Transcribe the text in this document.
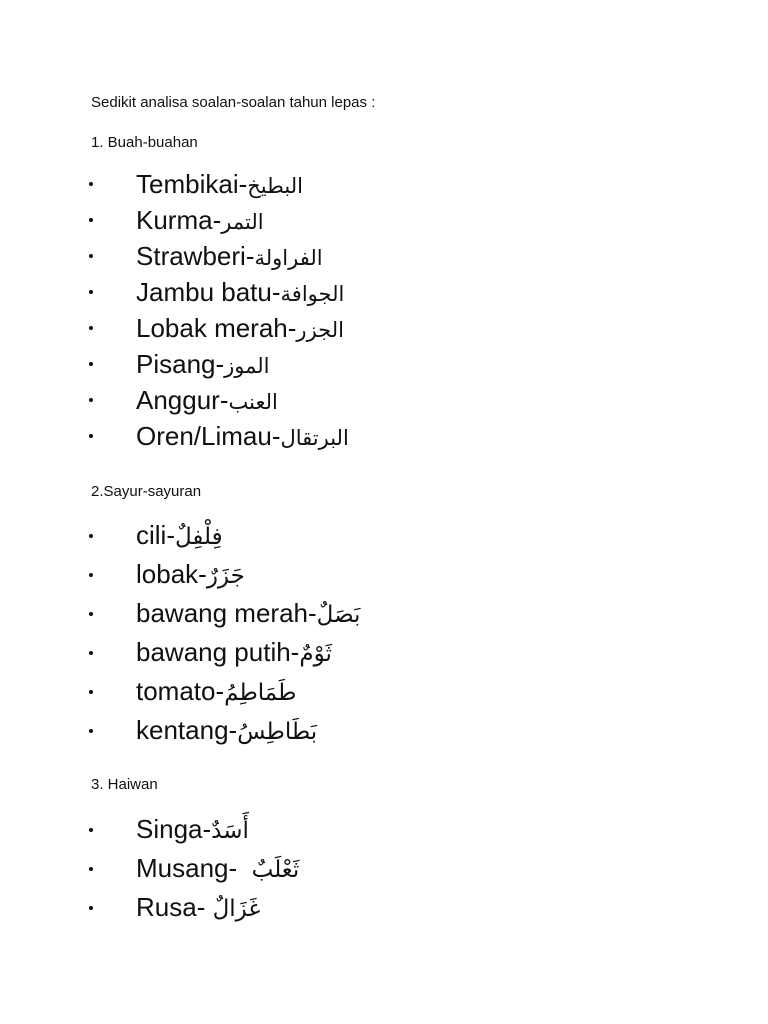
Sedikit analisa soalan-soalan tahun lepas :
1. Buah-buahan
Tembikai-البطيخ
Kurma-التمر
Strawberi-الفراولة
Jambu batu-الجوافة
Lobak merah-الجزر
Pisang-الموز
Anggur-العنب
Oren/Limau-البرتقال
2.Sayur-sayuran
cili-فِلْفِلٌ
lobak-جَزَرٌ
bawang merah-بَصَلٌ
bawang putih-ثَوْمٌ
tomato-طَمَاطِمُ
kentang-بَطَاطِسُ
3. Haiwan
Singa-أَسَدٌ
Musang-  ثَعْلَبٌ
Rusa- غَزَالٌ
